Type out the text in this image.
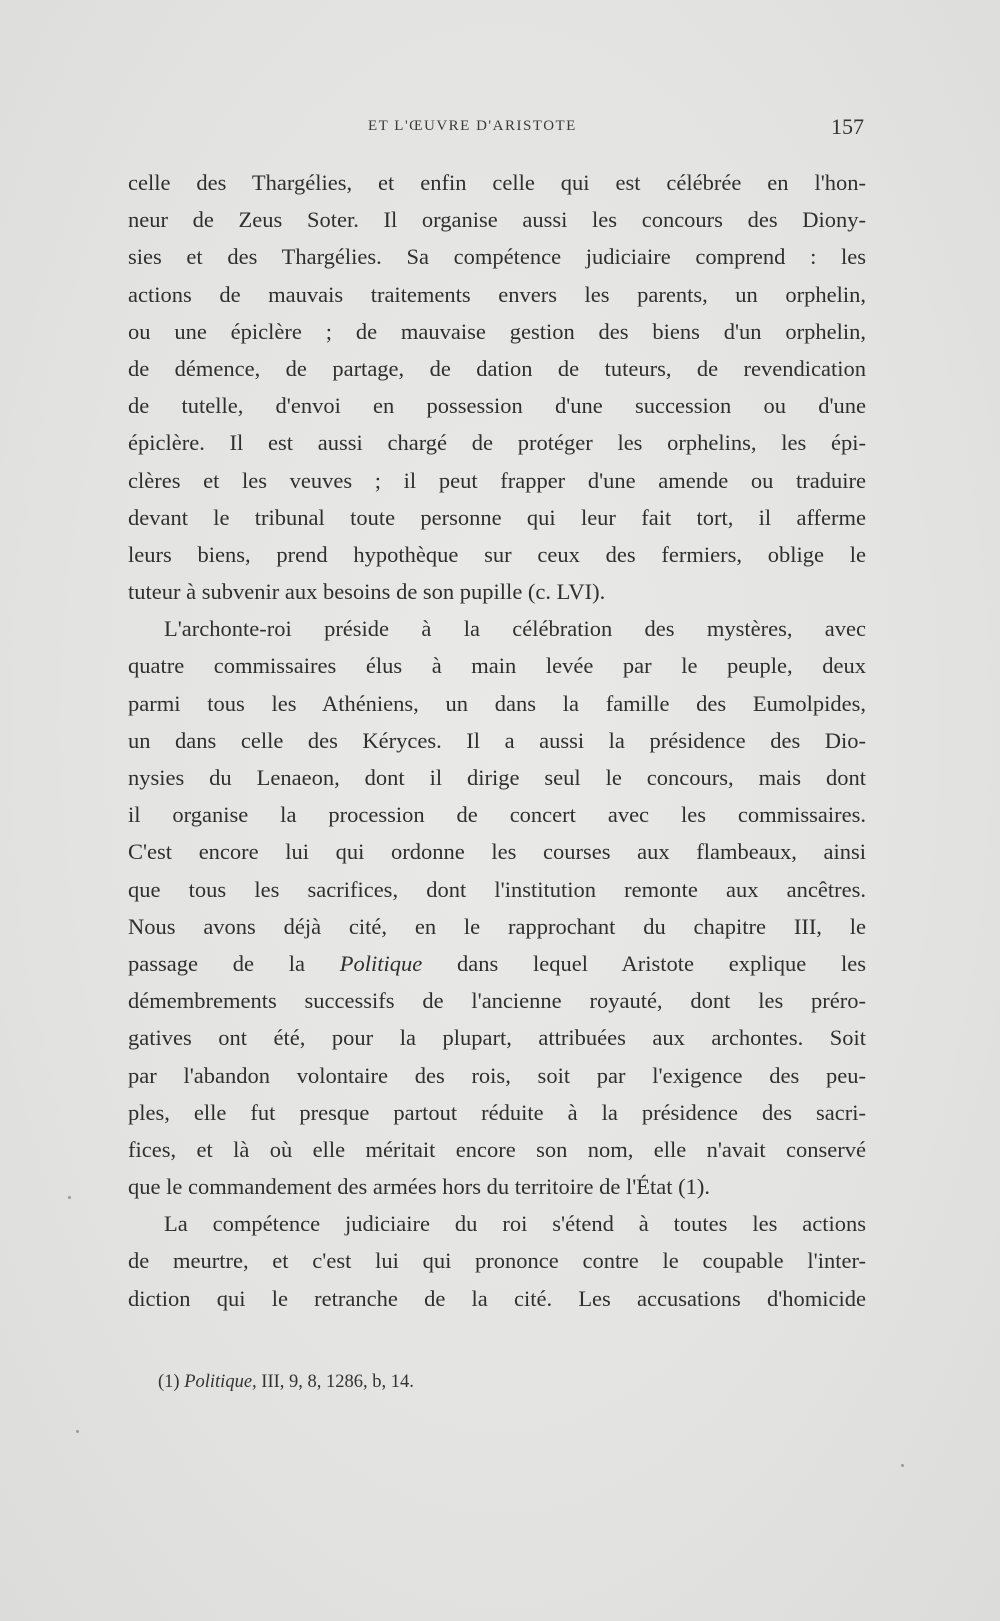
ET L'ŒUVRE D'ARISTOTE	157
celle des Thargélies, et enfin celle qui est célébrée en l'hon-
neur de Zeus Soter. Il organise aussi les concours des Diony-
sies et des Thargélies. Sa compétence judiciaire comprend : les
actions de mauvais traitements envers les parents, un orphelin,
ou une épiclère ; de mauvaise gestion des biens d'un orphelin,
de démence, de partage, de dation de tuteurs, de revendication
de tutelle, d'envoi en possession d'une succession ou d'une
épiclère. Il est aussi chargé de protéger les orphelins, les épi-
clères et les veuves ; il peut frapper d'une amende ou traduire
devant le tribunal toute personne qui leur fait tort, il afferme
leurs biens, prend hypothèque sur ceux des fermiers, oblige le
tuteur à subvenir aux besoins de son pupille (c. LVI).
L'archonte-roi préside à la célébration des mystères, avec
quatre commissaires élus à main levée par le peuple, deux
parmi tous les Athéniens, un dans la famille des Eumolpides,
un dans celle des Kéryces. Il a aussi la présidence des Dio-
nysies du Lenaeon, dont il dirige seul le concours, mais dont
il organise la procession de concert avec les commissaires.
C'est encore lui qui ordonne les courses aux flambeaux, ainsi
que tous les sacrifices, dont l'institution remonte aux ancêtres.
Nous avons déjà cité, en le rapprochant du chapitre III, le
passage de la Politique dans lequel Aristote explique les
démembrements successifs de l'ancienne royauté, dont les préro-
gatives ont été, pour la plupart, attribuées aux archontes. Soit
par l'abandon volontaire des rois, soit par l'exigence des peu-
ples, elle fut presque partout réduite à la présidence des sacri-
fices, et là où elle méritait encore son nom, elle n'avait conservé
que le commandement des armées hors du territoire de l'État (1).
La compétence judiciaire du roi s'étend à toutes les actions
de meurtre, et c'est lui qui prononce contre le coupable l'inter-
diction qui le retranche de la cité. Les accusations d'homicide
(1) Politique, III, 9, 8, 1286, b, 14.
